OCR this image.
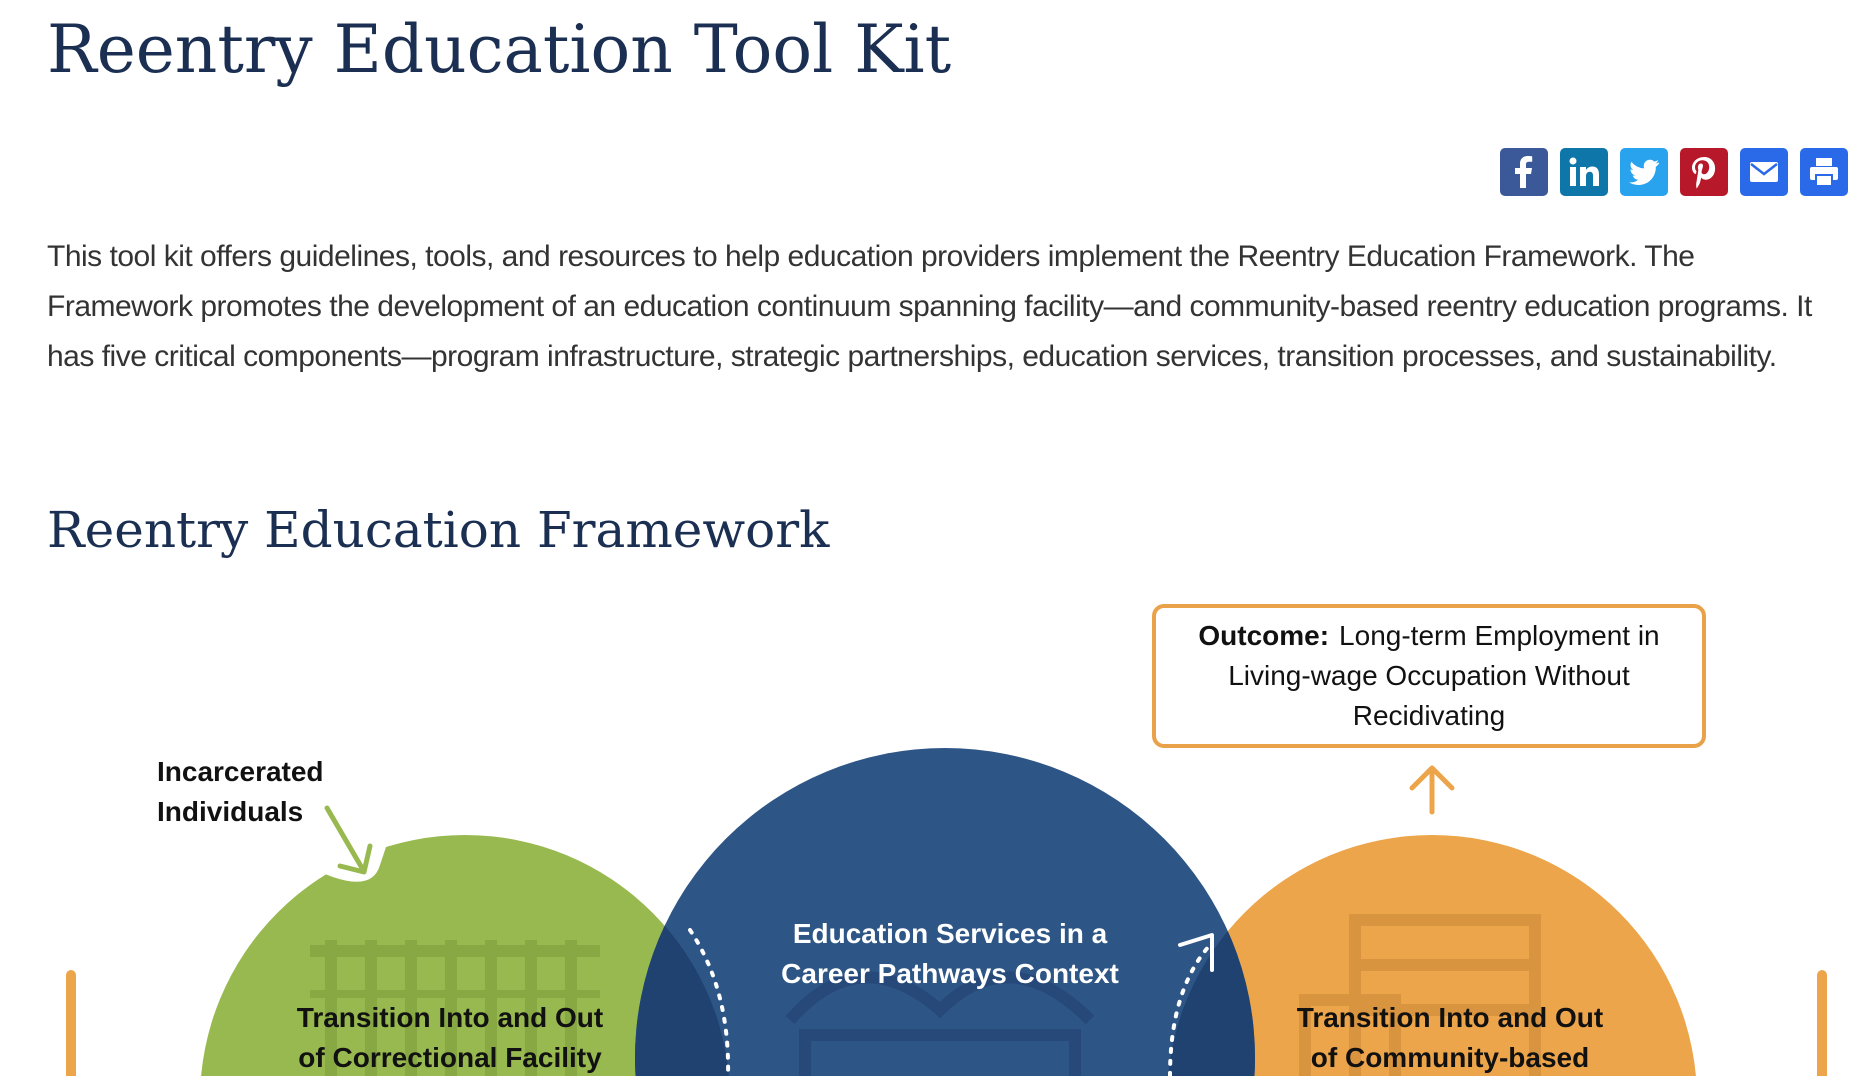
Reentry Education Tool Kit

This tool kit offers guidelines, tools, and resources to help education providers implement the Reentry Education Framework. The Framework promotes the development of an education continuum spanning facility—and community-based reentry education programs. It has five critical components—program infrastructure, strategic partnerships, education services, transition processes, and sustainability.

Reentry Education Framework
Outcome: Long-term Employment in Living-wage Occupation Without Recidivating

Incarcerated
Individuals

Education Services in a
Career Pathways Context

Transition Into and Out
of Correctional Facility

Transition Into and Out
of Community-based
